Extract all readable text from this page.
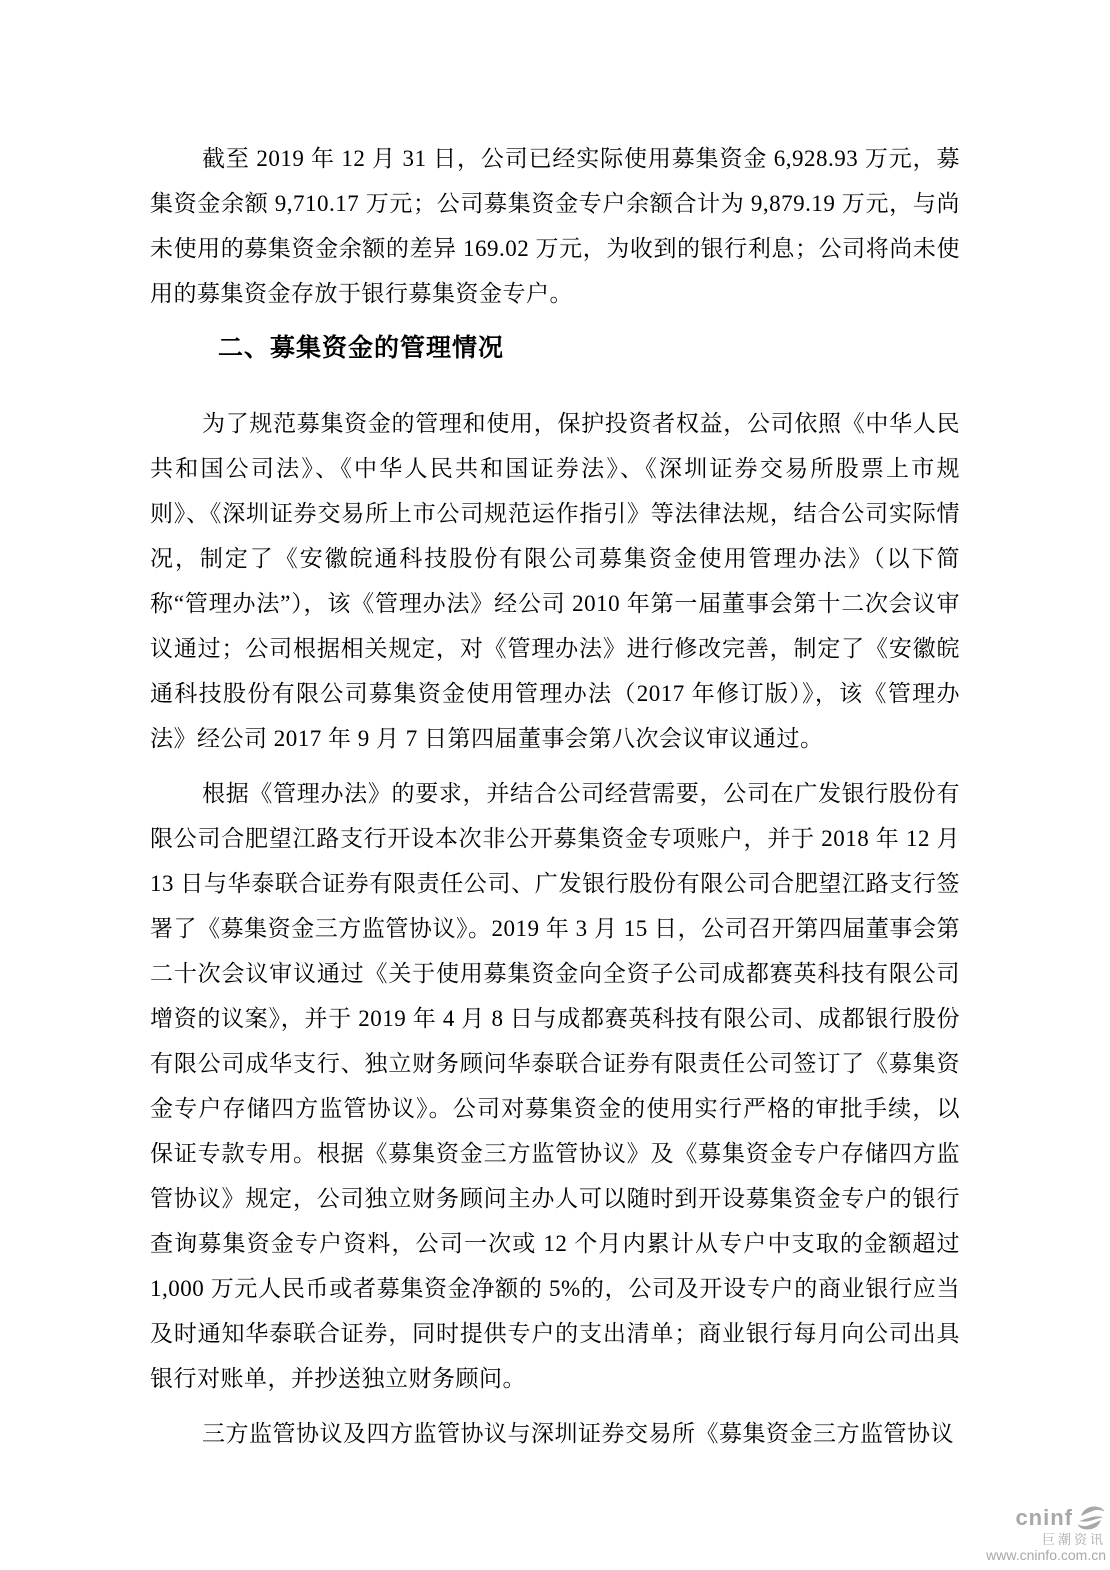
截至 2019 年 12 月 31 日，公司已经实际使用募集资金 6,928.93 万元，募集资金余额 9,710.17 万元；公司募集资金专户余额合计为 9,879.19 万元，与尚未使用的募集资金余额的差异 169.02 万元，为收到的银行利息；公司将尚未使用的募集资金存放于银行募集资金专户。

二、募集资金的管理情况

为了规范募集资金的管理和使用，保护投资者权益，公司依照《中华人民共和国公司法》、《中华人民共和国证券法》、《深圳证券交易所股票上市规则》、《深圳证券交易所上市公司规范运作指引》等法律法规，结合公司实际情况，制定了《安徽皖通科技股份有限公司募集资金使用管理办法》（以下简称“管理办法”），该《管理办法》经公司 2010 年第一届董事会第十二次会议审议通过；公司根据相关规定，对《管理办法》进行修改完善，制定了《安徽皖通科技股份有限公司募集资金使用管理办法（2017 年修订版）》，该《管理办法》经公司 2017 年 9 月 7 日第四届董事会第八次会议审议通过。

根据《管理办法》的要求，并结合公司经营需要，公司在广发银行股份有限公司合肥望江路支行开设本次非公开募集资金专项账户，并于 2018 年 12 月 13 日与华泰联合证券有限责任公司、广发银行股份有限公司合肥望江路支行签署了《募集资金三方监管协议》。2019 年 3 月 15 日，公司召开第四届董事会第二十次会议审议通过《关于使用募集资金向全资子公司成都赛英科技有限公司增资的议案》，并于 2019 年 4 月 8 日与成都赛英科技有限公司、成都银行股份有限公司成华支行、独立财务顾问华泰联合证券有限责任公司签订了《募集资金专户存储四方监管协议》。公司对募集资金的使用实行严格的审批手续，以保证专款专用。根据《募集资金三方监管协议》及《募集资金专户存储四方监管协议》规定，公司独立财务顾问主办人可以随时到开设募集资金专户的银行查询募集资金专户资料，公司一次或 12 个月内累计从专户中支取的金额超过 1,000 万元人民币或者募集资金净额的 5%的，公司及开设专户的商业银行应当及时通知华泰联合证券，同时提供专户的支出清单；商业银行每月向公司出具银行对账单，并抄送独立财务顾问。

三方监管协议及四方监管协议与深圳证券交易所《募集资金三方监管协议

cninf
巨潮资讯
www.cninfo.com.cn
